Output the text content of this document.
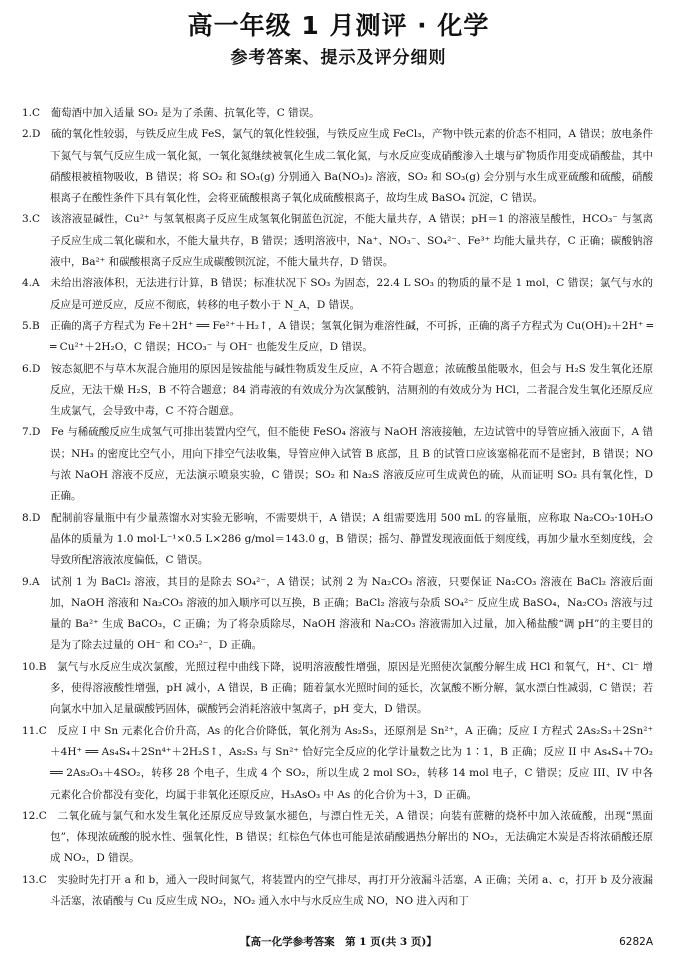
高一年级 1 月测评 · 化学
参考答案、提示及评分细则

1.C  葡萄酒中加入适量 SO₂ 是为了杀菌、抗氧化等，C 错误。

2.D  硫的氧化性较弱，与铁反应生成 FeS，氯气的氧化性较强，与铁反应生成 FeCl₃，产物中铁元素的价态不相同，A 错误；放电条件下氮气与氧气反应生成一氧化氮，一氧化氮继续被氧化生成二氧化氮，与水反应变成硝酸渗入土壤与矿物质作用变成硝酸盐，其中硝酸根被植物吸收，B 错误；将 SO₂ 和 SO₃(g) 分别通入 Ba(NO₃)₂ 溶液，SO₂ 和 SO₃(g) 会分别与水生成亚硫酸和硫酸，硝酸根离子在酸性条件下具有氧化性，会将亚硫酸根离子氧化成硫酸根离子，故均生成 BaSO₄ 沉淀，C 错误。

3.C  该溶液显碱性，Cu²⁺ 与氢氧根离子反应生成氢氧化铜蓝色沉淀，不能大量共存，A 错误；pH＝1 的溶液呈酸性，HCO₃⁻ 与氢离子反应生成二氧化碳和水，不能大量共存，B 错误；透明溶液中，Na⁺、NO₃⁻、SO₄²⁻、Fe³⁺ 均能大量共存，C 正确；碳酸钠溶液中，Ba²⁺ 和碳酸根离子反应生成碳酸钡沉淀，不能大量共存，D 错误。

4.A  未给出溶液体积，无法进行计算，B 错误；标准状况下 SO₃ 为固态，22.4 L SO₃ 的物质的量不是 1 mol，C 错误；氯气与水的反应是可逆反应，反应不彻底，转移的电子数小于 N_A，D 错误。

5.B  正确的离子方程式为 Fe＋2H⁺ ══ Fe²⁺＋H₂↑，A 错误；氢氧化铜为难溶性碱，不可拆，正确的离子方程式为 Cu(OH)₂＋2H⁺ ══ Cu²⁺＋2H₂O，C 错误；HCO₃⁻ 与 OH⁻ 也能发生反应，D 错误。

6.D  铵态氮肥不与草木灰混合施用的原因是铵盐能与碱性物质发生反应，A 不符合题意；浓硫酸虽能吸水，但会与 H₂S 发生氧化还原反应，无法干燥 H₂S，B 不符合题意；84 消毒液的有效成分为次氯酸钠，洁厕剂的有效成分为 HCl，二者混合发生氧化还原反应生成氯气，会导致中毒，C 不符合题意。

7.D  Fe 与稀硫酸反应生成氢气可排出装置内空气，但不能使 FeSO₄ 溶液与 NaOH 溶液接触，左边试管中的导管应插入液面下，A 错误；NH₃ 的密度比空气小，用向下排空气法收集，导管应伸入试管 B 底部，且 B 的试管口应该塞棉花而不是密封，B 错误；NO 与浓 NaOH 溶液不反应，无法演示喷泉实验，C 错误；SO₂ 和 Na₂S 溶液反应可生成黄色的硫，从而证明 SO₂ 具有氧化性，D 正确。

8.D  配制前容量瓶中有少量蒸馏水对实验无影响，不需要烘干，A 错误；A 组需要选用 500 mL 的容量瓶，应称取 Na₂CO₃·10H₂O 晶体的质量为 1.0 mol·L⁻¹×0.5 L×286 g/mol＝143.0 g，B 错误；摇匀、静置发现液面低于刻度线，再加少量水至刻度线，会导致所配溶液浓度偏低，C 错误。

9.A  试剂 1 为 BaCl₂ 溶液，其目的是除去 SO₄²⁻，A 错误；试剂 2 为 Na₂CO₃ 溶液，只要保证 Na₂CO₃ 溶液在 BaCl₂ 溶液后面加，NaOH 溶液和 Na₂CO₃ 溶液的加入顺序可以互换，B 正确；BaCl₂ 溶液与杂质 SO₄²⁻ 反应生成 BaSO₄，Na₂CO₃ 溶液与过量的 Ba²⁺ 生成 BaCO₃，C 正确；为了将杂质除尽，NaOH 溶液和 Na₂CO₃ 溶液需加入过量，加入稀盐酸“调 pH”的主要目的是为了除去过量的 OH⁻ 和 CO₃²⁻，D 正确。

10.B  氯气与水反应生成次氯酸，光照过程中曲线下降，说明溶液酸性增强，原因是光照使次氯酸分解生成 HCl 和氧气，H⁺、Cl⁻ 增多，使得溶液酸性增强，pH 减小，A 错误，B 正确；随着氯水光照时间的延长，次氯酸不断分解，氯水漂白性减弱，C 错误；若向氯水中加入足量碳酸钙固体，碳酸钙会消耗溶液中氢离子，pH 变大，D 错误。

11.C  反应 I 中 Sn 元素化合价升高，As 的化合价降低，氧化剂为 As₂S₃，还原剂是 Sn²⁺，A 正确；反应 I 方程式 2As₂S₃＋2Sn²⁺＋4H⁺ ══ As₄S₄＋2Sn⁴⁺＋2H₂S↑，As₂S₃ 与 Sn²⁺ 恰好完全反应的化学计量数之比为 1∶1，B 正确；反应 II 中 As₄S₄＋7O₂ ══ 2As₂O₃＋4SO₂，转移 28 个电子，生成 4 个 SO₂，所以生成 2 mol SO₂，转移 14 mol 电子，C 错误；反应 III、IV 中各元素化合价都没有变化，均属于非氧化还原反应，H₃AsO₃ 中 As 的化合价为＋3，D 正确。

12.C  二氧化硫与氯气和水发生氧化还原反应导致氯水褪色，与漂白性无关，A 错误；向装有蔗糖的烧杯中加入浓硫酸，出现“黑面包”，体现浓硫酸的脱水性、强氧化性，B 错误；红棕色气体也可能是浓硝酸遇热分解出的 NO₂，无法确定木炭是否将浓硝酸还原成 NO₂，D 错误。

13.C  实验时先打开 a 和 b，通入一段时间氮气，将装置内的空气排尽，再打开分液漏斗活塞，A 正确；关闭 a、c，打开 b 及分液漏斗活塞，浓硝酸与 Cu 反应生成 NO₂，NO₂ 通入水中与水反应生成 NO，NO 进入丙和丁

【高一化学参考答案　第 1 页(共 3 页)】	6282A
